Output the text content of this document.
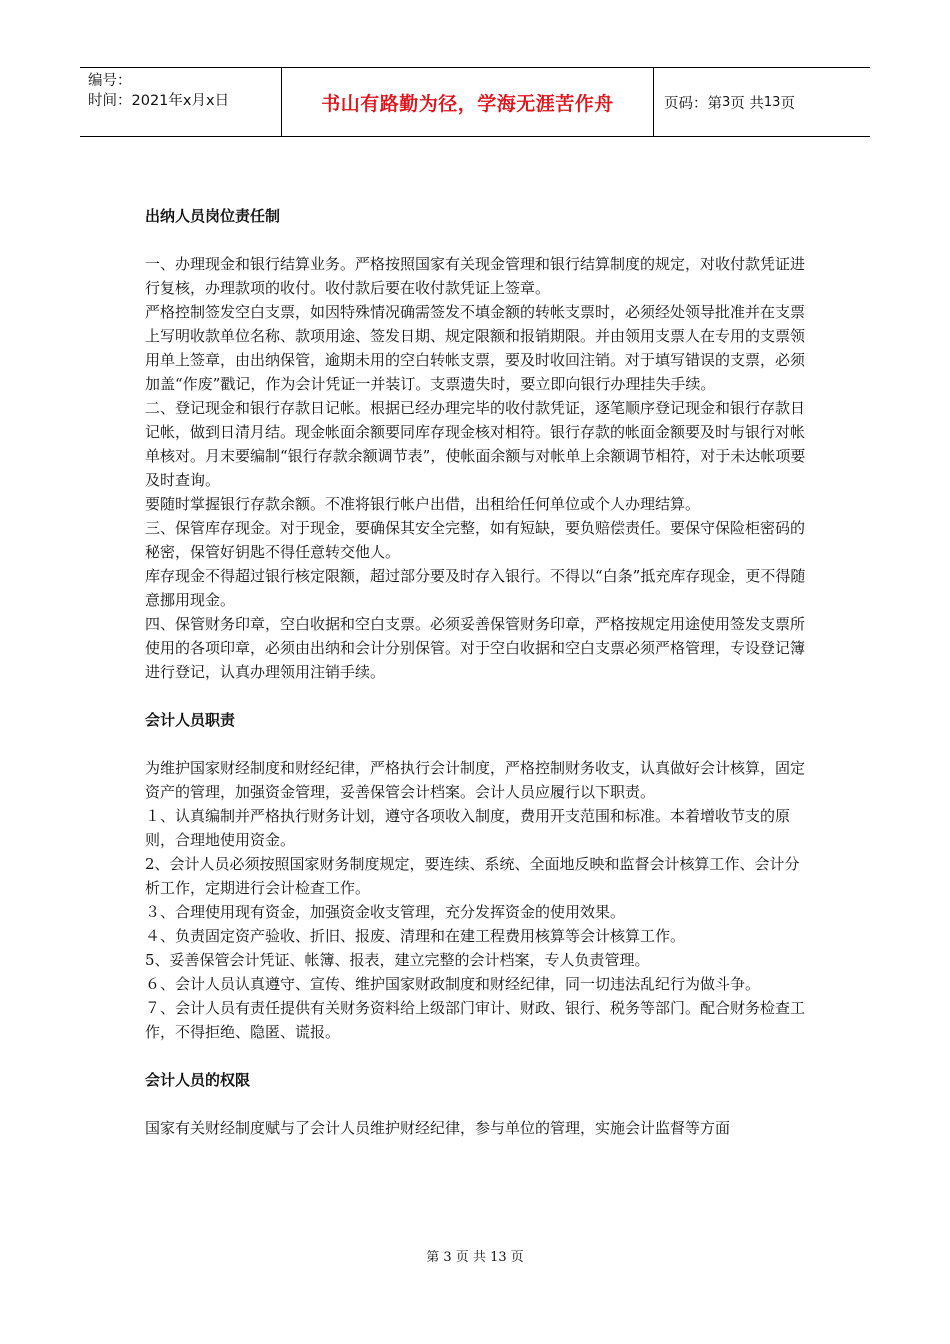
编号：
时间：2021年x月x日	书山有路勤为径，学海无涯苦作舟	页码：第 3 页 共 13 页

出纳人员岗位责任制

一、办理现金和银行结算业务。严格按照国家有关现金管理和银行结算制度的规定，对收付款凭证进行复核，办理款项的收付。收付款后要在收付款凭证上签章。

严格控制签发空白支票，如因特殊情况确需签发不填金额的转帐支票时，必须经处领导批准并在支票上写明收款单位名称、款项用途、签发日期、规定限额和报销期限。并由领用支票人在专用的支票领用单上签章，由出纳保管，逾期未用的空白转帐支票，要及时收回注销。对于填写错误的支票，必须加盖“作废”戳记，作为会计凭证一并装订。支票遗失时，要立即向银行办理挂失手续。

二、登记现金和银行存款日记帐。根据已经办理完毕的收付款凭证，逐笔顺序登记现金和银行存款日记帐，做到日清月结。现金帐面余额要同库存现金核对相符。银行存款的帐面金额要及时与银行对帐单核对。月末要编制“银行存款余额调节表”，使帐面余额与对帐单上余额调节相符，对于未达帐项要及时查询。

要随时掌握银行存款余额。不准将银行帐户出借，出租给任何单位或个人办理结算。

三、保管库存现金。对于现金，要确保其安全完整，如有短缺，要负赔偿责任。要保守保险柜密码的秘密，保管好钥匙不得任意转交他人。

库存现金不得超过银行核定限额，超过部分要及时存入银行。不得以“白条”抵充库存现金，更不得随意挪用现金。

四、保管财务印章，空白收据和空白支票。必须妥善保管财务印章，严格按规定用途使用签发支票所使用的各项印章，必须由出纳和会计分别保管。对于空白收据和空白支票必须严格管理，专设登记簿进行登记，认真办理领用注销手续。

会计人员职责

为维护国家财经制度和财经纪律，严格执行会计制度，严格控制财务收支，认真做好会计核算，固定资产的管理，加强资金管理，妥善保管会计档案。会计人员应履行以下职责。

１、认真编制并严格执行财务计划，遵守各项收入制度，费用开支范围和标准。本着增收节支的原则，合理地使用资金。

2、会计人员必须按照国家财务制度规定，要连续、系统、全面地反映和监督会计核算工作、会计分析工作，定期进行会计检查工作。

３、合理使用现有资金，加强资金收支管理，充分发挥资金的使用效果。

４、负责固定资产验收、折旧、报废、清理和在建工程费用核算等会计核算工作。

5、妥善保管会计凭证、帐簿、报表，建立完整的会计档案，专人负责管理。

６、会计人员认真遵守、宣传、维护国家财政制度和财经纪律，同一切违法乱纪行为做斗争。

７、会计人员有责任提供有关财务资料给上级部门审计、财政、银行、税务等部门。配合财务检查工作，不得拒绝、隐匿、谎报。

会计人员的权限

国家有关财经制度赋与了会计人员维护财经纪律，参与单位的管理，实施会计监督等方面

第 3 页 共 13 页
